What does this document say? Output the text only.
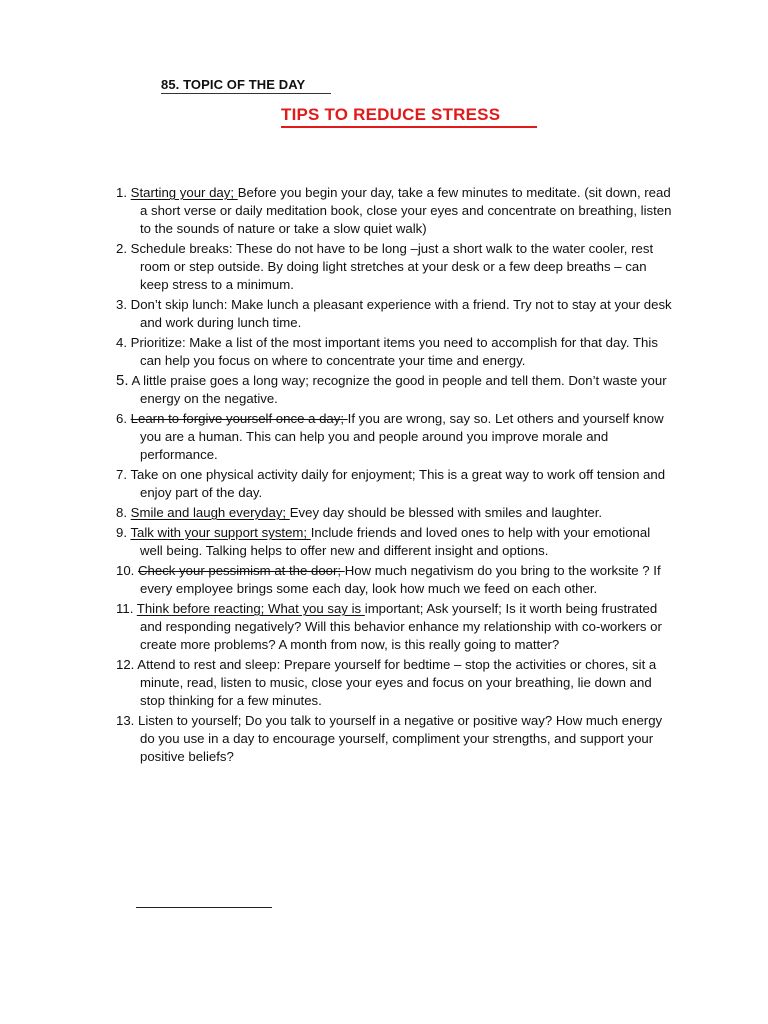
85. TOPIC OF THE DAY
TIPS TO REDUCE STRESS
1. Starting your day; Before you begin your day, take a few minutes to meditate. (sit down, read a short verse or daily meditation book, close your eyes and concentrate on breathing, listen to the sounds of nature or take a slow quiet walk)
2. Schedule breaks: These do not have to be long –just a short walk to the water cooler, rest room or step outside. By doing light stretches at your desk or a few deep breaths – can keep stress to a minimum.
3. Don’t skip lunch: Make lunch a pleasant experience with a friend. Try not to stay at your desk and work during lunch time.
4. Prioritize: Make a list of the most important items you need to accomplish for that day. This can help you focus on where to concentrate your time and energy.
5. A little praise goes a long way; recognize the good in people and tell them. Don’t waste your energy on the negative.
6. Learn to forgive yourself once a day; If you are wrong, say so. Let others and yourself know you are a human. This can help you and people around you improve morale and performance.
7. Take on one physical activity daily for enjoyment; This is a great way to work off tension and enjoy part of the day.
8. Smile and laugh everyday; Evey day should be blessed with smiles and laughter.
9. Talk with your support system; Include friends and loved ones to help with your emotional well being. Talking helps to offer new and different insight and options.
10. Check your pessimism at the door; How much negativism do you bring to the worksite ? If every employee brings some each day, look how much we feed on each other.
11. Think before reacting; What you say is important; Ask yourself; Is it worth being frustrated and responding negatively? Will this behavior enhance my relationship with co-workers or create more problems? A month from now, is this really going to matter?
12. Attend to rest and sleep: Prepare yourself for bedtime – stop the activities or chores, sit a minute, read, listen to music, close your eyes and focus on your breathing, lie down and stop thinking for a few minutes.
13. Listen to yourself; Do you talk to yourself in a negative or positive way? How much energy do you use in a day to encourage yourself, compliment your strengths, and support your positive beliefs?
